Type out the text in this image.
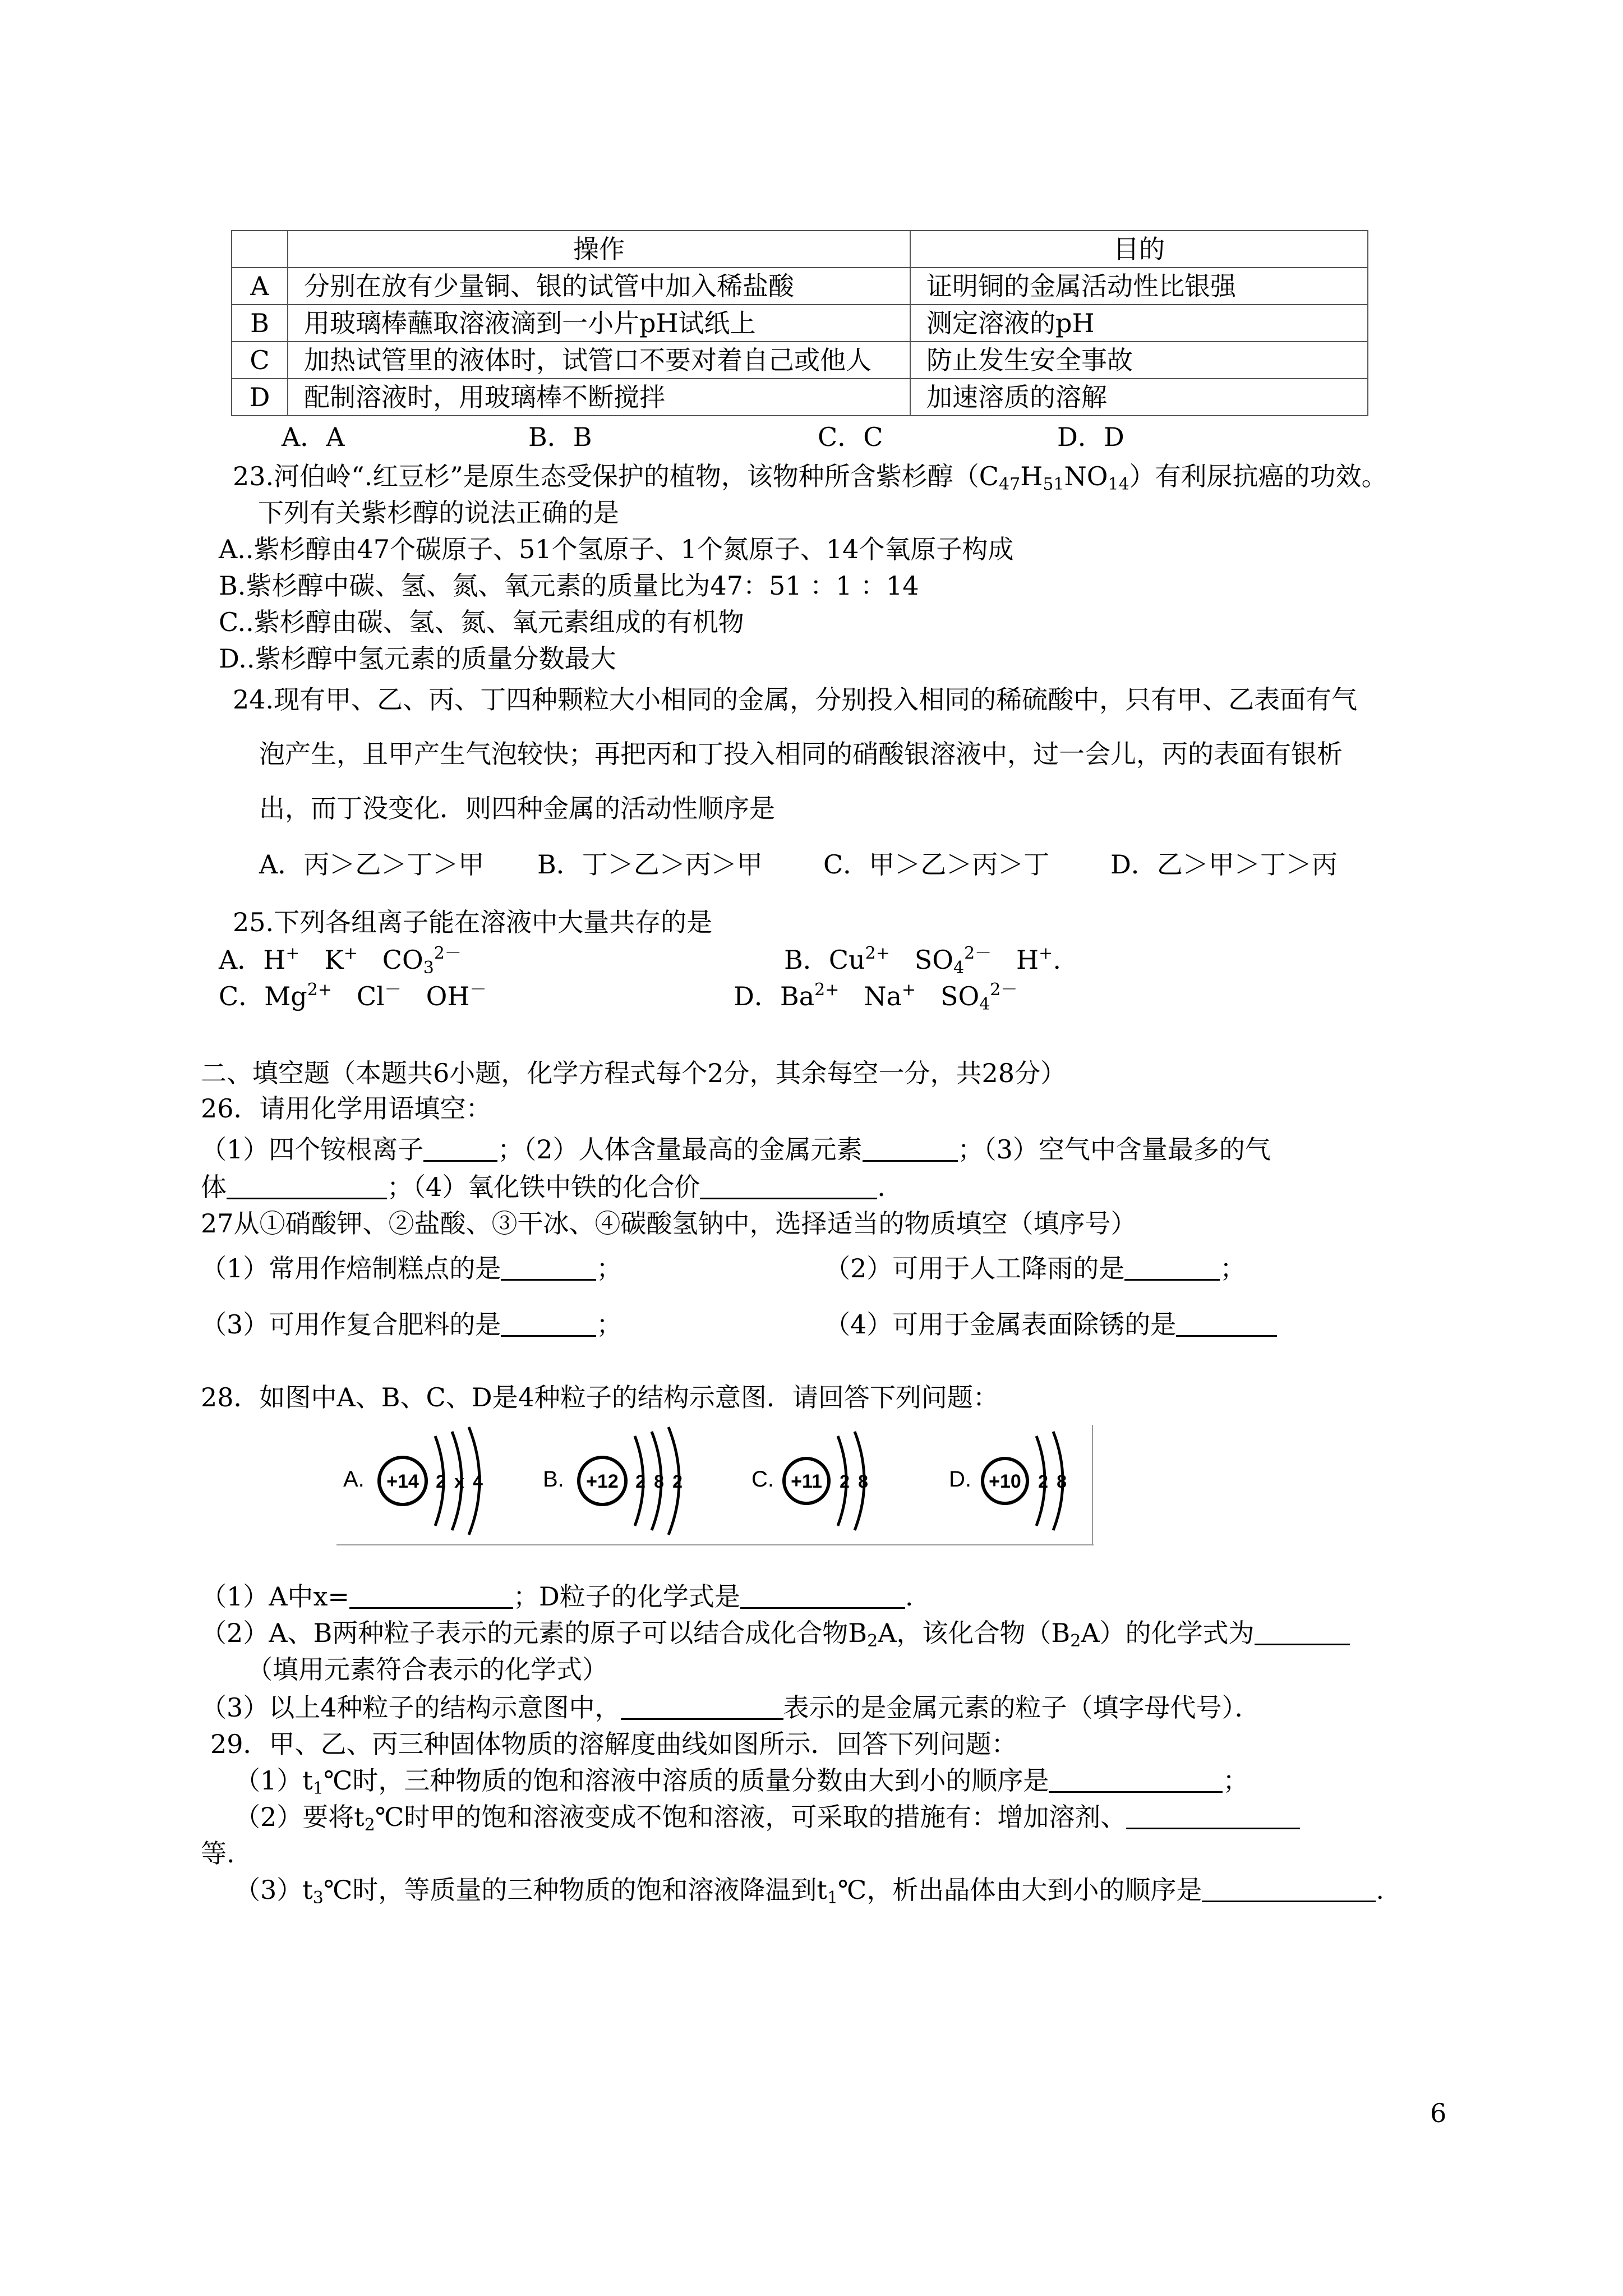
	操作	目的
A	分别在放有少量铜、银的试管中加入稀盐酸	证明铜的金属活动性比银强
B	用玻璃棒蘸取溶液滴到一小片pH试纸上	测定溶液的pH
C	加热试管里的液体时，试管口不要对着自己或他人	防止发生安全事故
D	配制溶液时，用玻璃棒不断搅拌	加速溶质的溶解
A．A	B．B	C．C	D．D
23.河伯岭“.红豆杉”是原生态受保护的植物，该物种所含紫杉醇$(C_{47}H_{51}NO_{14})$有利尿抗癌的功效。
下列有关紫杉醇的说法正确的是
A..紫杉醇由47个碳原子、51个氢原子、1个氮原子、14个氧原子构成
B.紫杉醇中碳、氢、氮、氧元素的质量比为47：51 ：1 ：14
C..紫杉醇由碳、氢、氮、氧元素组成的有机物
D..紫杉醇中氢元素的质量分数最大
24.现有甲、乙、丙、丁四种颗粒大小相同的金属，分别投入相同的稀硫酸中，只有甲、乙表面有气
泡产生，且甲产生气泡较快；再把丙和丁投入相同的硝酸银溶液中，过一会儿，丙的表面有银析
出，而丁没变化．则四种金属的活动性顺序是
A．丙＞乙＞丁＞甲 B．丁＞乙＞丙＞甲 C．甲＞乙＞丙＞丁 D．乙＞甲＞丁＞丙
25.下列各组离子能在溶液中大量共存的是
A．H+ K+ $CO_3^{2-}$	B．$Cu^{2+}$ $SO_4^{2-}$ H+.
C．$Mg^{2+}$ Cl－ OH－	D．$Ba^{2+}$ Na+ $SO_4^{2-}$
二、填空题（本题共6小题，化学方程式每个2分，其余每空一分，共28分）
26．请用化学用语填空：
（1）四个铵根离子	；（2）人体含量最高的金属元素	；（3）空气中含量最多的气
体	；（4）氧化铁中铁的化合价	.
27从①硝酸钾、②盐酸、③干冰、④碳酸氢钠中，选择适当的物质填空（填序号）
（1）常用作焙制糕点的是	；	（2）可用于人工降雨的是	；
（3）可用作复合肥料的是	；	（4）可用于金属表面除锈的是
28．如图中A、B、C、D是4种粒子的结构示意图．请回答下列问题：
A. +14 2 x 4	B. +12 2 8 2	C. +11 2 8	D. +10 2 8
（1）A中x=	；D粒子的化学式是	.
（2）A、B两种粒子表示的元素的原子可以结合成化合物$B_2A$，该化合物$(B_2A)$的化学式为
（填用元素符合表示的化学式）
（3）以上4种粒子的结构示意图中，	表示的是金属元素的粒子（填字母代号）．
29．甲、乙、丙三种固体物质的溶解度曲线如图所示．回答下列问题：
$(1)t_1℃$时，三种物质的饱和溶液中溶质的质量分数由大到小的顺序是	；
（2）要将$t_2℃$时甲的饱和溶液变成不饱和溶液，可采取的措施有：增加溶剂、
等.
$(3)t_3℃$时，等质量的三种物质的饱和溶液降温到$t_1℃$，析出晶体由大到小的顺序是	.
6
